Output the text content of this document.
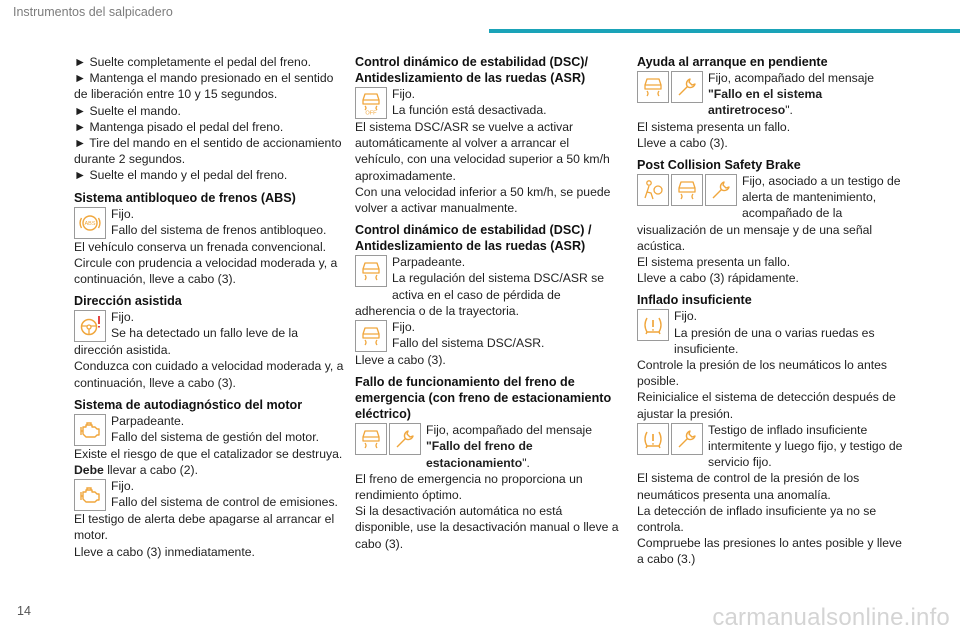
Instrumentos del salpicadero

► Suelte completamente el pedal del freno.

► Mantenga el mando presionado en el sentido de liberación entre 10 y 15 segundos.

► Suelte el mando.

► Mantenga pisado el pedal del freno.

► Tire del mando en el sentido de accionamiento durante 2 segundos.

► Suelte el mando y el pedal del freno.

Sistema antibloqueo de frenos (ABS)
ABS

Fijo.

Fallo del sistema de frenos antibloqueo.

El vehículo conserva un frenada convencional. Circule con prudencia a velocidad moderada y, a continuación, lleve a cabo (3).

Dirección asistida

Fijo.

Se ha detectado un fallo leve de la

dirección asistida.

Conduzca con cuidado a velocidad moderada y, a continuación, lleve a cabo (3).

Sistema de autodiagnóstico del motor

Parpadeante.

Fallo del sistema de gestión del motor.

Existe el riesgo de que el catalizador se destruya.

Debe llevar a cabo (2).

Fijo.

Fallo del sistema de control de emisiones.

El testigo de alerta debe apagarse al arrancar el motor.

Lleve a cabo (3) inmediatamente.

Control dinámico de estabilidad (DSC)/ Antideslizamiento de las ruedas (ASR)
OFF

Fijo.

La función está desactivada.

El sistema DSC/ASR se vuelve a activar automáticamente al volver a arrancar el vehículo, con una velocidad superior a 50 km/h aproximadamente.

Con una velocidad inferior a 50 km/h, se puede volver a activar manualmente.

Control dinámico de estabilidad (DSC) / Antideslizamiento de las ruedas (ASR)

Parpadeante.

La regulación del sistema DSC/ASR se activa en el caso de pérdida de adherencia o de la trayectoria.

Fijo.

Fallo del sistema DSC/ASR.

Lleve a cabo (3).

Fallo de funcionamiento del freno de emergencia (con freno de estacionamiento eléctrico)

Fijo, acompañado del mensaje

"Fallo del freno de estacionamiento".

El freno de emergencia no proporciona un rendimiento óptimo.

Si la desactivación automática no está disponible, use la desactivación manual o lleve a cabo (3).

Ayuda al arranque en pendiente

Fijo, acompañado del mensaje

"Fallo en el sistema antiretroceso".

El sistema presenta un fallo.

Lleve a cabo (3).

Post Collision Safety Brake

Fijo, asociado a un testigo de alerta de mantenimiento, acompañado de la visualización de un mensaje y de una señal acústica.

El sistema presenta un fallo.

Lleve a cabo (3) rápidamente.

Inflado insuficiente

Fijo.

La presión de una o varias ruedas es insuficiente.

Controle la presión de los neumáticos lo antes posible.

Reinicialice el sistema de detección después de ajustar la presión.

Testigo de inflado insuficiente intermitente y luego fijo, y testigo de servicio fijo.

El sistema de control de la presión de los neumáticos presenta una anomalía.

La detección de inflado insuficiente ya no se controla.

Compruebe las presiones lo antes posible y lleve a cabo (3.)

14	carmanualsonline.info
